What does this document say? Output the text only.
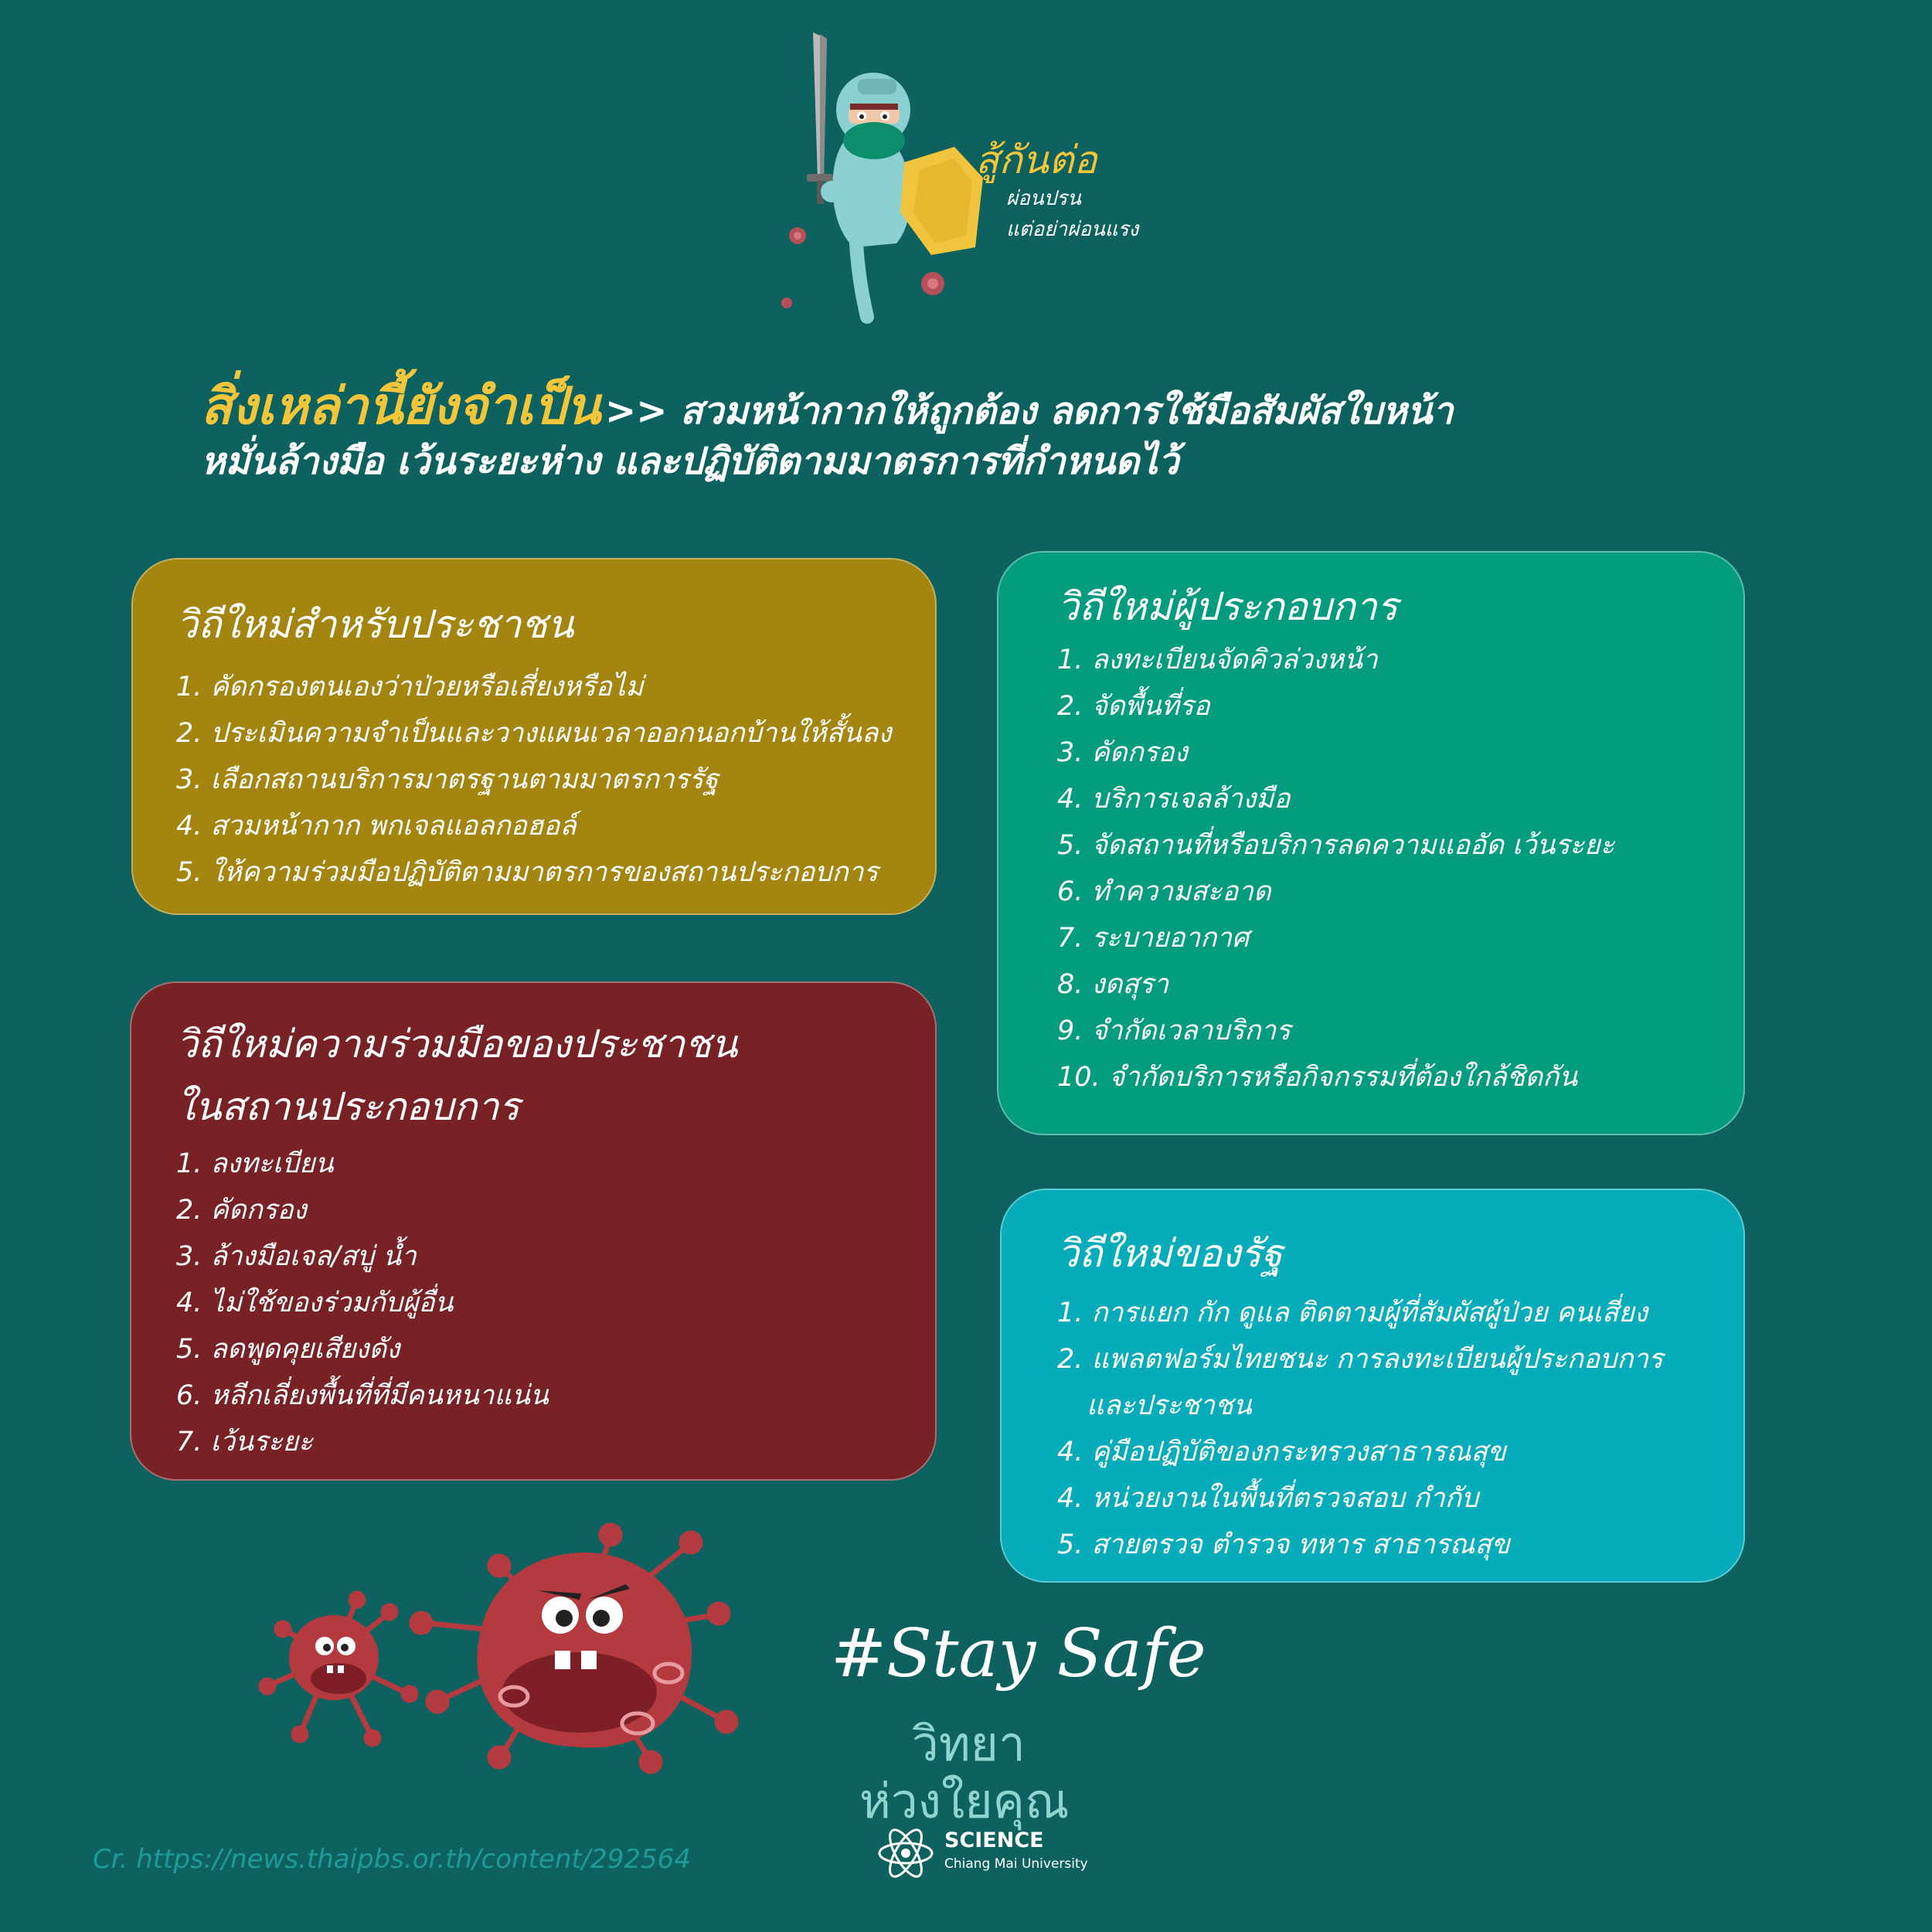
สู้กันต่อ
ผ่อนปรน
แต่อย่าผ่อนแรง
สิ่งเหล่านี้ยังจำเป็น >> สวมหน้ากากให้ถูกต้อง ลดการใช้มือสัมผัสใบหน้า
หมั่นล้างมือ เว้นระยะห่าง และปฏิบัติตามมาตรการที่กำหนดไว้
วิถีใหม่สำหรับประชาชน
1. คัดกรองตนเองว่าป่วยหรือเสี่ยงหรือไม่
2. ประเมินความจำเป็นและวางแผนเวลาออกนอกบ้านให้สั้นลง
3. เลือกสถานบริการมาตรฐานตามมาตรการรัฐ
4. สวมหน้ากาก พกเจลแอลกอฮอล์
5. ให้ความร่วมมือปฏิบัติตามมาตรการของสถานประกอบการ
วิถีใหม่ผู้ประกอบการ
1. ลงทะเบียนจัดคิวล่วงหน้า
2. จัดพื้นที่รอ
3. คัดกรอง
4. บริการเจลล้างมือ
5. จัดสถานที่หรือบริการลดความแออัด เว้นระยะ
6. ทำความสะอาด
7. ระบายอากาศ
8. งดสุรา
9. จำกัดเวลาบริการ
10. จำกัดบริการหรือกิจกรรมที่ต้องใกล้ชิดกัน
วิถีใหม่ความร่วมมือของประชาชน
ในสถานประกอบการ
1. ลงทะเบียน
2. คัดกรอง
3. ล้างมือเจล/สบู่ น้ำ
4. ไม่ใช้ของร่วมกับผู้อื่น
5. ลดพูดคุยเสียงดัง
6. หลีกเลี่ยงพื้นที่ที่มีคนหนาแน่น
7. เว้นระยะ
วิถีใหม่ของรัฐ
1. การแยก กัก ดูแล ติดตามผู้ที่สัมผัสผู้ป่วย คนเสี่ยง
2. แพลตฟอร์มไทยชนะ การลงทะเบียนผู้ประกอบการ
และประชาชน
4. คู่มือปฏิบัติของกระทรวงสาธารณสุข
4. หน่วยงานในพื้นที่ตรวจสอบ กำกับ
5. สายตรวจ ตำรวจ ทหาร สาธารณสุข
#Stay Safe
วิทยา
ห่วงใยคุณ
SCIENCE
Chiang Mai University
Cr. https://news.thaipbs.or.th/content/292564
